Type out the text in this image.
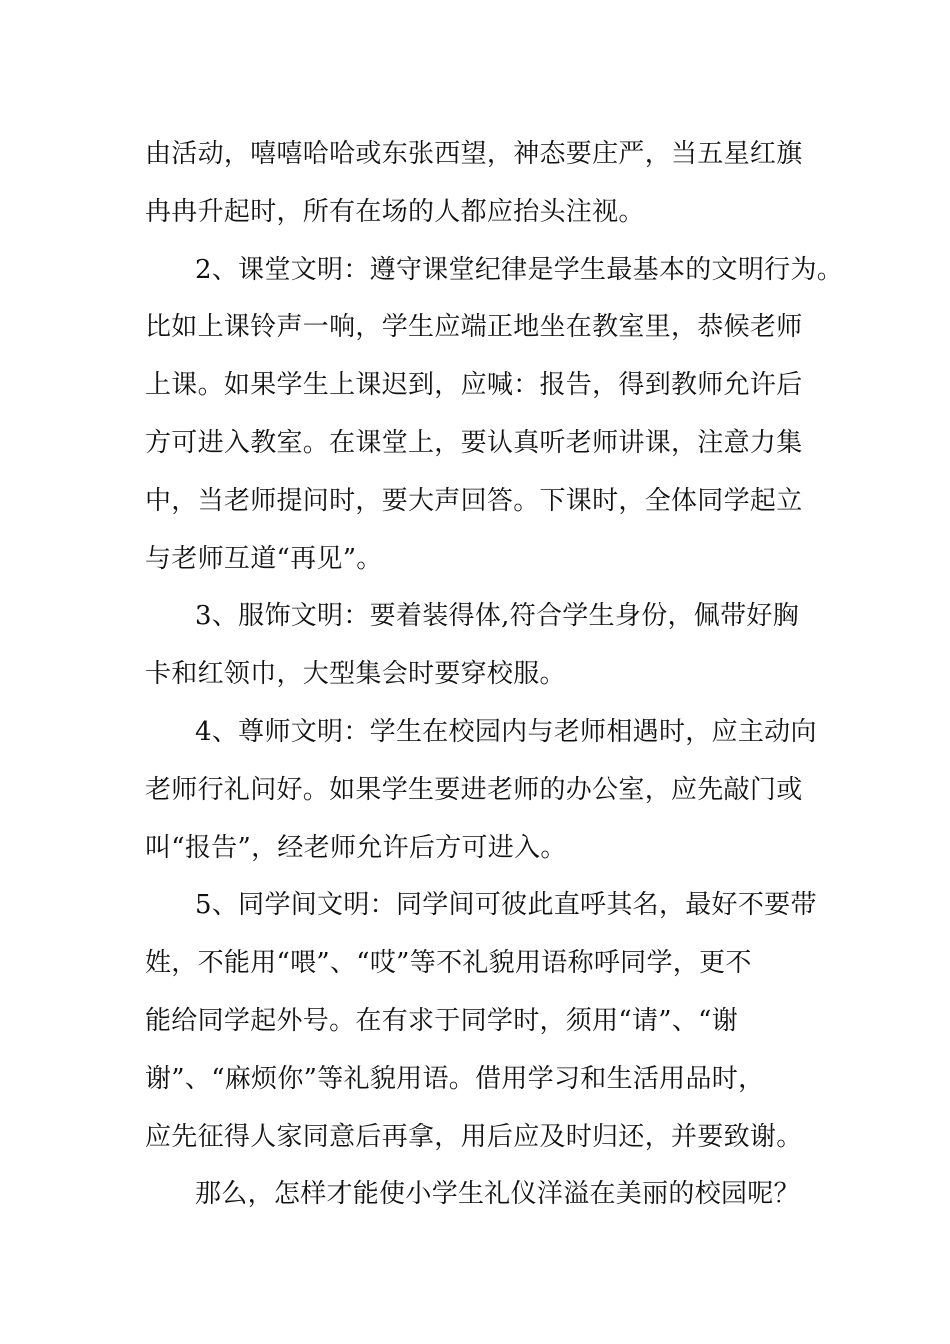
由活动，嘻嘻哈哈或东张西望，神态要庄严，当五星红旗
冉冉升起时，所有在场的人都应抬头注视。
2、课堂文明：遵守课堂纪律是学生最基本的文明行为。
比如上课铃声一响，学生应端正地坐在教室里，恭候老师
上课。如果学生上课迟到，应喊：报告，得到教师允许后
方可进入教室。在课堂上，要认真听老师讲课，注意力集
中，当老师提问时，要大声回答。下课时，全体同学起立
与老师互道“再见”。
3、服饰文明：要着装得体,符合学生身份，佩带好胸
卡和红领巾，大型集会时要穿校服。
4、尊师文明：学生在校园内与老师相遇时，应主动向
老师行礼问好。如果学生要进老师的办公室，应先敲门或
叫“报告”，经老师允许后方可进入。
5、同学间文明：同学间可彼此直呼其名，最好不要带
姓，不能用“喂”、“哎”等不礼貌用语称呼同学，更不
能给同学起外号。在有求于同学时，须用“请”、“谢
谢”、“麻烦你”等礼貌用语。借用学习和生活用品时，
应先征得人家同意后再拿，用后应及时归还，并要致谢。
那么，怎样才能使小学生礼仪洋溢在美丽的校园呢？
